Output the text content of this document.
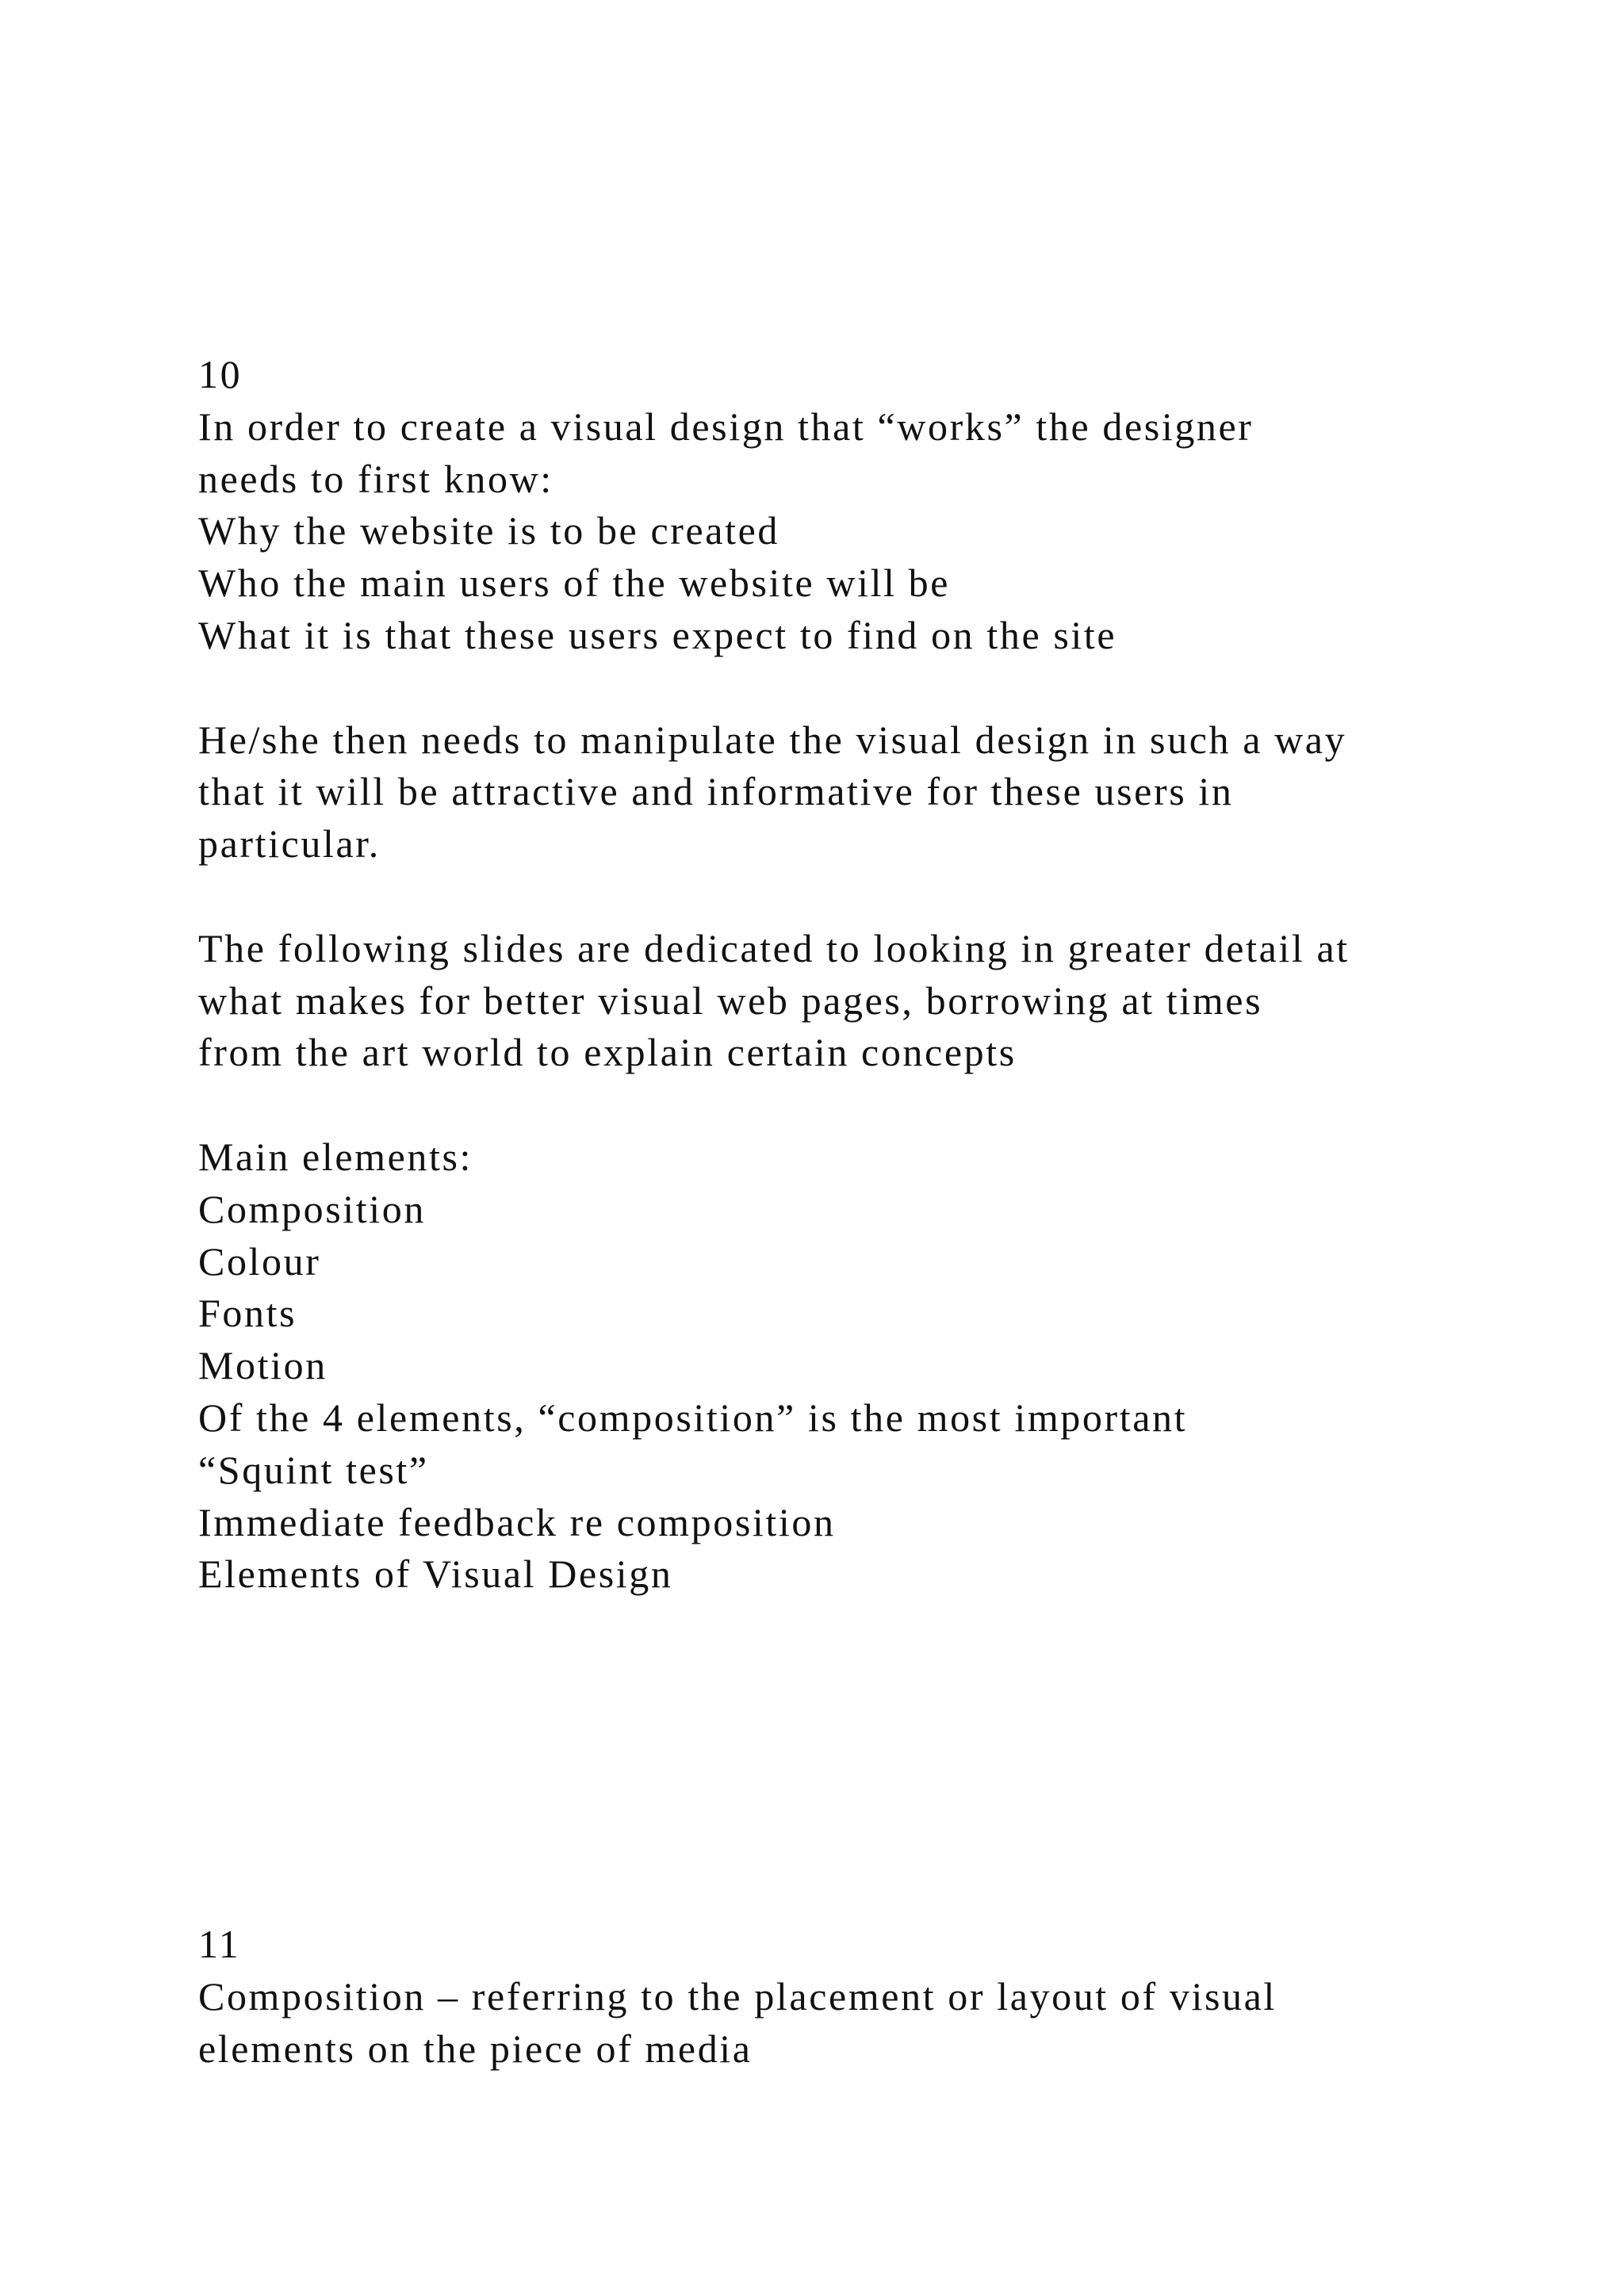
10
In order to create a visual design that “works” the designer
needs to first know:
Why the website is to be created
Who the main users of the website will be
What it is that these users expect to find on the site
He/she then needs to manipulate the visual design in such a way
that it will be attractive and informative for these users in
particular.
The following slides are dedicated to looking in greater detail at
what makes for better visual web pages, borrowing at times
from the art world to explain certain concepts
Main elements:
Composition
Colour
Fonts
Motion
Of the 4 elements, “composition” is the most important
“Squint test”
Immediate feedback re composition
Elements of Visual Design
11
Composition – referring to the placement or layout of visual
elements on the piece of media
